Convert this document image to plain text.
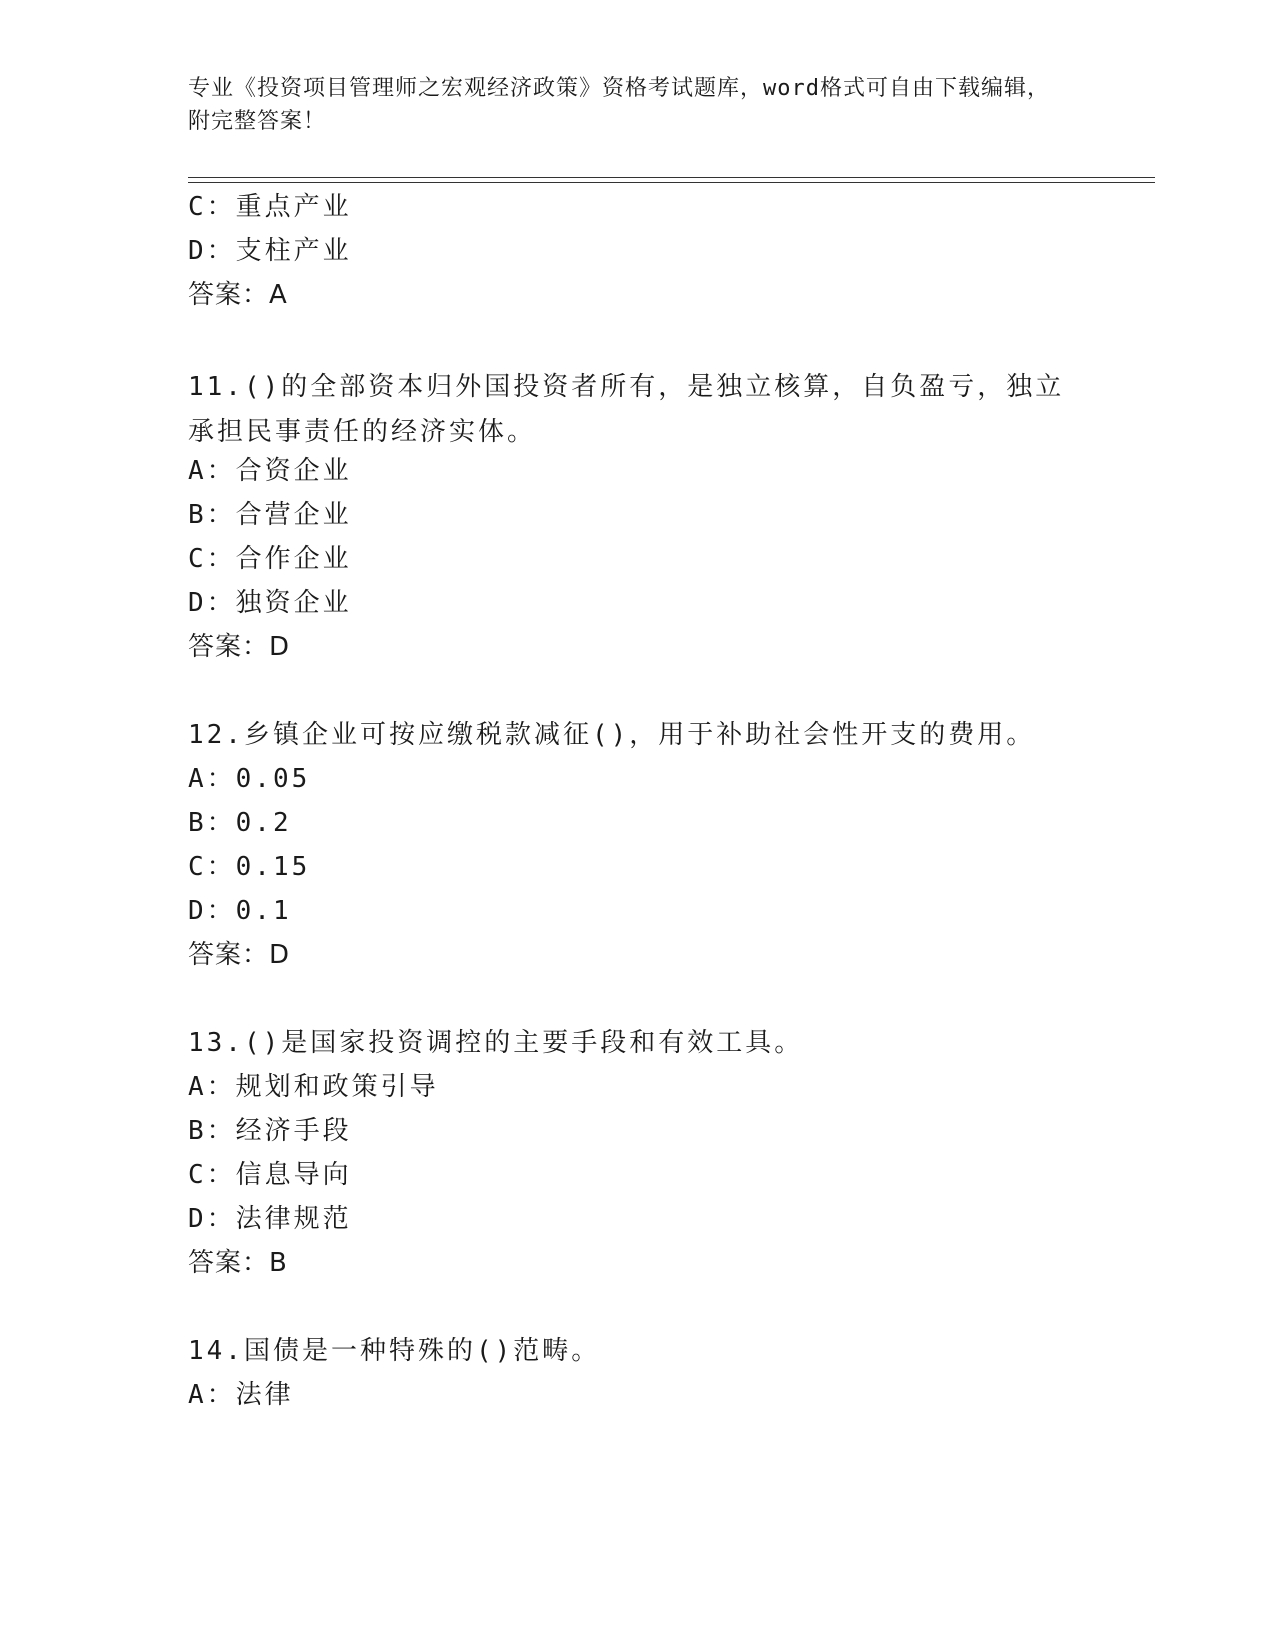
专业《投资项目管理师之宏观经济政策》资格考试题库，word格式可自由下载编辑，附完整答案！
C：重点产业
D：支柱产业
答案：A
11.()的全部资本归外国投资者所有，是独立核算，自负盈亏，独立承担民事责任的经济实体。
A：合资企业
B：合营企业
C：合作企业
D：独资企业
答案：D
12.乡镇企业可按应缴税款减征()，用于补助社会性开支的费用。
A：0.05
B：0.2
C：0.15
D：0.1
答案：D
13.()是国家投资调控的主要手段和有效工具。
A：规划和政策引导
B：经济手段
C：信息导向
D：法律规范
答案：B
14.国债是一种特殊的()范畴。
A：法律
